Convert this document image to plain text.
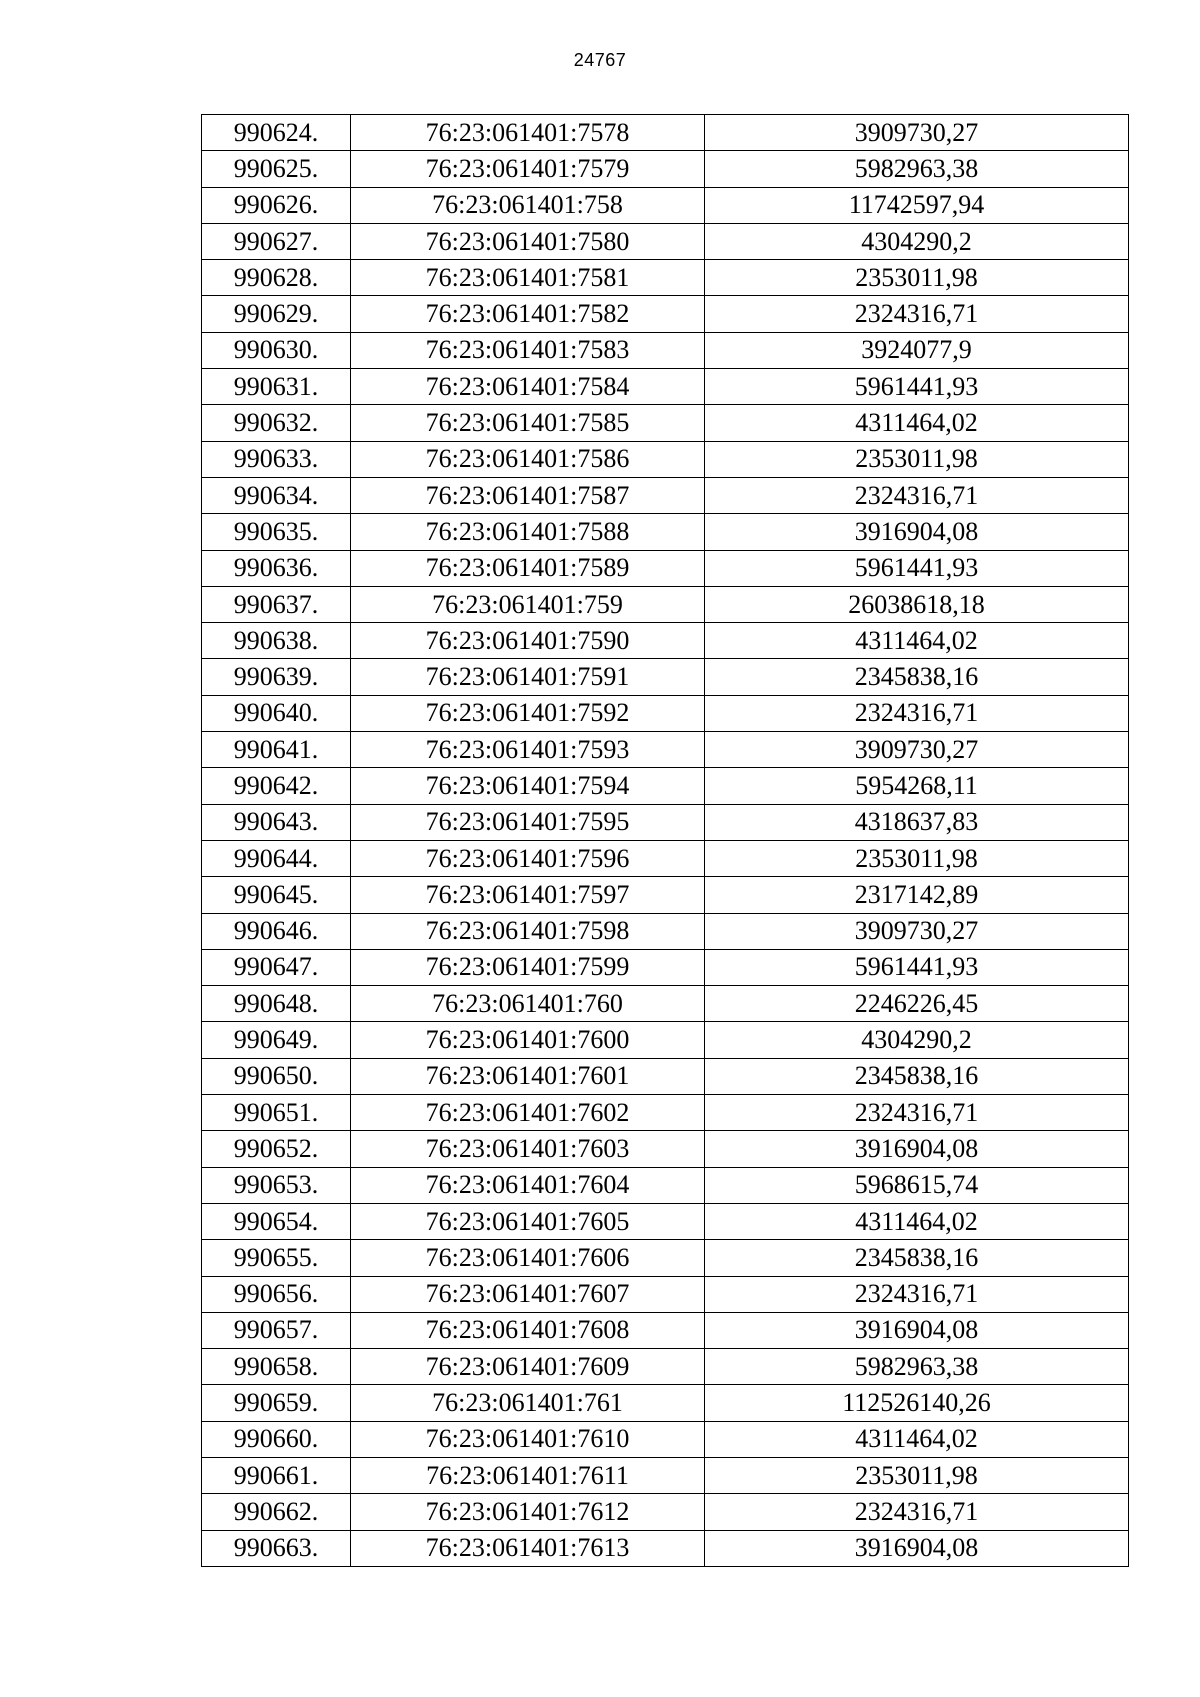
24767
990624.	76:23:061401:7578	3909730,27
990625.	76:23:061401:7579	5982963,38
990626.	76:23:061401:758	11742597,94
990627.	76:23:061401:7580	4304290,2
990628.	76:23:061401:7581	2353011,98
990629.	76:23:061401:7582	2324316,71
990630.	76:23:061401:7583	3924077,9
990631.	76:23:061401:7584	5961441,93
990632.	76:23:061401:7585	4311464,02
990633.	76:23:061401:7586	2353011,98
990634.	76:23:061401:7587	2324316,71
990635.	76:23:061401:7588	3916904,08
990636.	76:23:061401:7589	5961441,93
990637.	76:23:061401:759	26038618,18
990638.	76:23:061401:7590	4311464,02
990639.	76:23:061401:7591	2345838,16
990640.	76:23:061401:7592	2324316,71
990641.	76:23:061401:7593	3909730,27
990642.	76:23:061401:7594	5954268,11
990643.	76:23:061401:7595	4318637,83
990644.	76:23:061401:7596	2353011,98
990645.	76:23:061401:7597	2317142,89
990646.	76:23:061401:7598	3909730,27
990647.	76:23:061401:7599	5961441,93
990648.	76:23:061401:760	2246226,45
990649.	76:23:061401:7600	4304290,2
990650.	76:23:061401:7601	2345838,16
990651.	76:23:061401:7602	2324316,71
990652.	76:23:061401:7603	3916904,08
990653.	76:23:061401:7604	5968615,74
990654.	76:23:061401:7605	4311464,02
990655.	76:23:061401:7606	2345838,16
990656.	76:23:061401:7607	2324316,71
990657.	76:23:061401:7608	3916904,08
990658.	76:23:061401:7609	5982963,38
990659.	76:23:061401:761	112526140,26
990660.	76:23:061401:7610	4311464,02
990661.	76:23:061401:7611	2353011,98
990662.	76:23:061401:7612	2324316,71
990663.	76:23:061401:7613	3916904,08
